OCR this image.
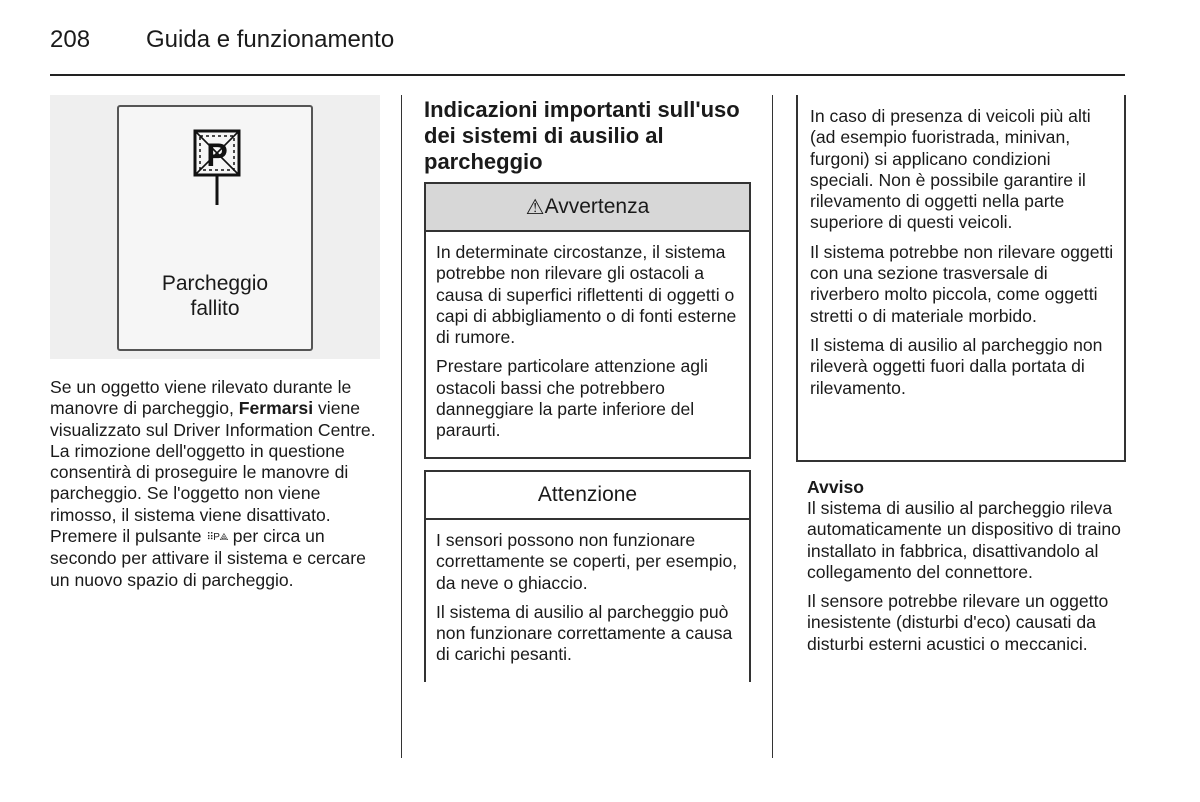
208	Guida e funzionamento
P
Parcheggio
fallito
Se un oggetto viene rilevato durante le manovre di parcheggio, Fermarsi viene visualizzato sul Driver Information Centre. La rimozione dell'oggetto in questione consentirà di proseguire le manovre di parcheggio. Se l'oggetto non viene rimosso, il sistema viene disattivato. Premere il pulsante ⠿P⟁ per circa un secondo per attivare il sistema e cercare un nuovo spazio di parcheggio.
Indicazioni importanti sull'uso dei sistemi di ausilio al parcheggio
⚠ Avvertenza

In determinate circostanze, il sistema potrebbe non rilevare gli ostacoli a causa di superfici riflettenti di oggetti o capi di abbigliamento o di fonti esterne di rumore.

Prestare particolare attenzione agli ostacoli bassi che potrebbero danneggiare la parte inferiore del paraurti.

Attenzione

I sensori possono non funzionare correttamente se coperti, per esempio, da neve o ghiaccio.

Il sistema di ausilio al parcheggio può non funzionare correttamente a causa di carichi pesanti.

In caso di presenza di veicoli più alti (ad esempio fuoristrada, minivan, furgoni) si applicano condizioni speciali. Non è possibile garantire il rilevamento di oggetti nella parte superiore di questi veicoli.

Il sistema potrebbe non rilevare oggetti con una sezione trasversale di riverbero molto piccola, come oggetti stretti o di materiale morbido.

Il sistema di ausilio al parcheggio non rileverà oggetti fuori dalla portata di rilevamento.

Avviso

Il sistema di ausilio al parcheggio rileva automaticamente un dispositivo di traino installato in fabbrica, disattivandolo al collegamento del connettore.

Il sensore potrebbe rilevare un oggetto inesistente (disturbi d'eco) causati da disturbi esterni acustici o meccanici.
